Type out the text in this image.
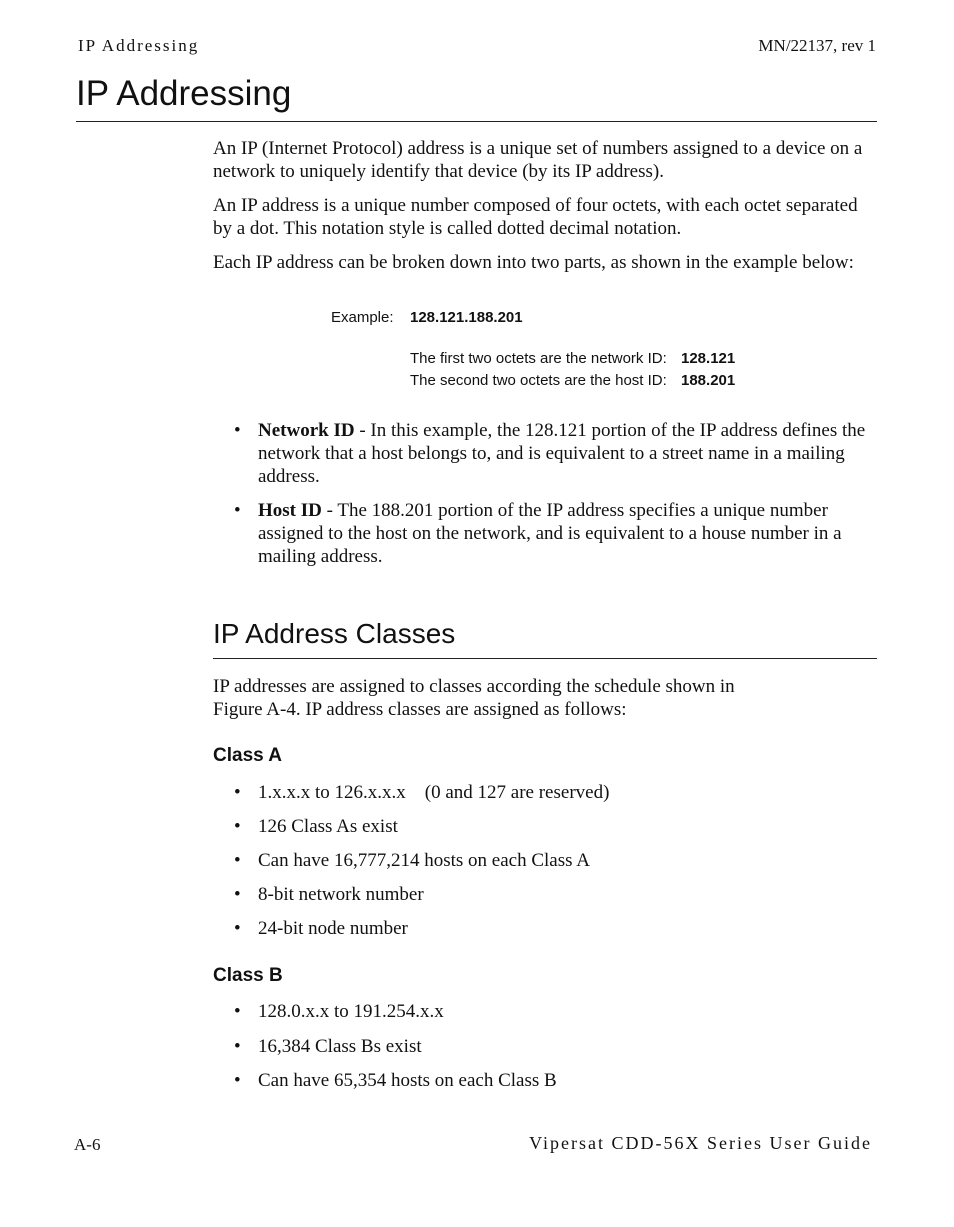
IP Addressing	MN/22137, rev 1
IP Addressing

An IP (Internet Protocol) address is a unique set of numbers assigned to a device on a network to uniquely identify that device (by its IP address).

An IP address is a unique number composed of four octets, with each octet separated by a dot. This notation style is called dotted decimal notation.

Each IP address can be broken down into two parts, as shown in the example below:

Example: 128.121.188.201
The first two octets are the network ID: 128.121
The second two octets are the host ID: 188.201
• Network ID - In this example, the 128.121 portion of the IP address defines the network that a host belongs to, and is equivalent to a street name in a mailing address.

• Host ID - The 188.201 portion of the IP address specifies a unique number assigned to the host on the network, and is equivalent to a house number in a mailing address.

IP Address Classes
IP addresses are assigned to classes according the schedule shown in
Figure A-4. IP address classes are assigned as follows:
Class A
• 1.x.x.x to 126.x.x.x    (0 and 127 are reserved)
• 126 Class As exist
• Can have 16,777,214 hosts on each Class A
• 8-bit network number
• 24-bit node number
Class B
• 128.0.x.x to 191.254.x.x
• 16,384 Class Bs exist
• Can have 65,354 hosts on each Class B
A-6	Vipersat CDD-56X Series User Guide
